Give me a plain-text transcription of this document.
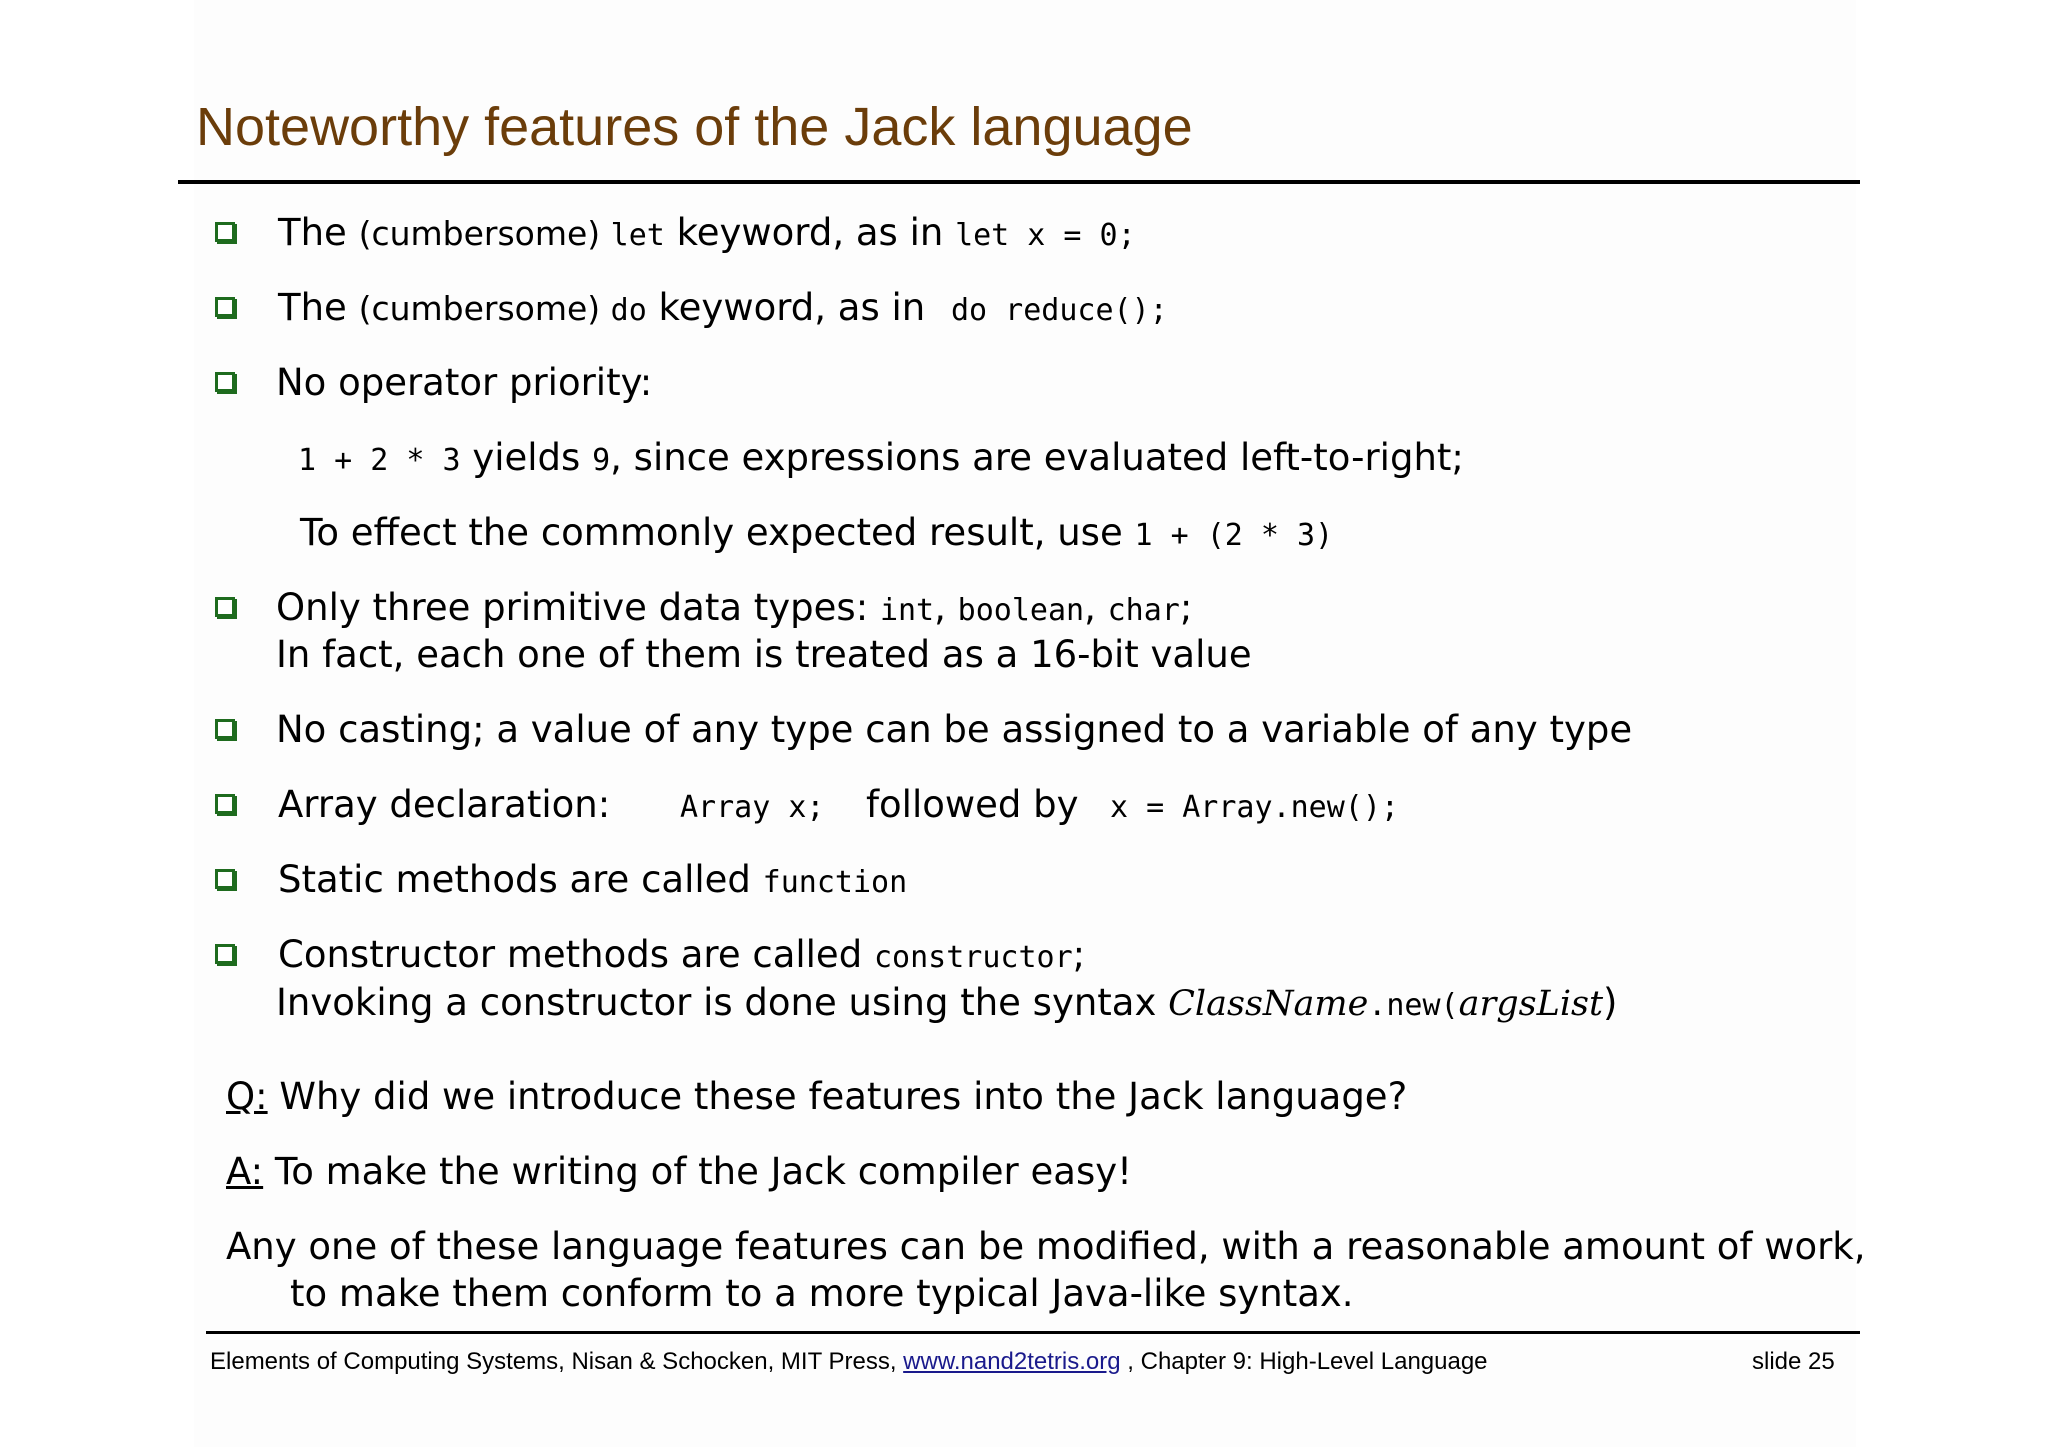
Noteworthy features of the Jack language
The (cumbersome) let keyword, as in let x = 0;
The (cumbersome) do keyword, as in do reduce();
No operator priority:
1 + 2 * 3 yields 9, since expressions are evaluated left-to-right;
To effect the commonly expected result, use 1 + (2 * 3)
Only three primitive data types: int, boolean, char;
In fact, each one of them is treated as a 16-bit value
No casting; a value of any type can be assigned to a variable of any type
Array declaration: Array x; followed by x = Array.new();
Static methods are called function
Constructor methods are called constructor;
Invoking a constructor is done using the syntax ClassName.new(argsList)
Q: Why did we introduce these features into the Jack language?
A: To make the writing of the Jack compiler easy!
Any one of these language features can be modified, with a reasonable amount of work,
to make them conform to a more typical Java-like syntax.
Elements of Computing Systems, Nisan & Schocken, MIT Press, www.nand2tetris.org , Chapter 9: High-Level Language	slide 25
